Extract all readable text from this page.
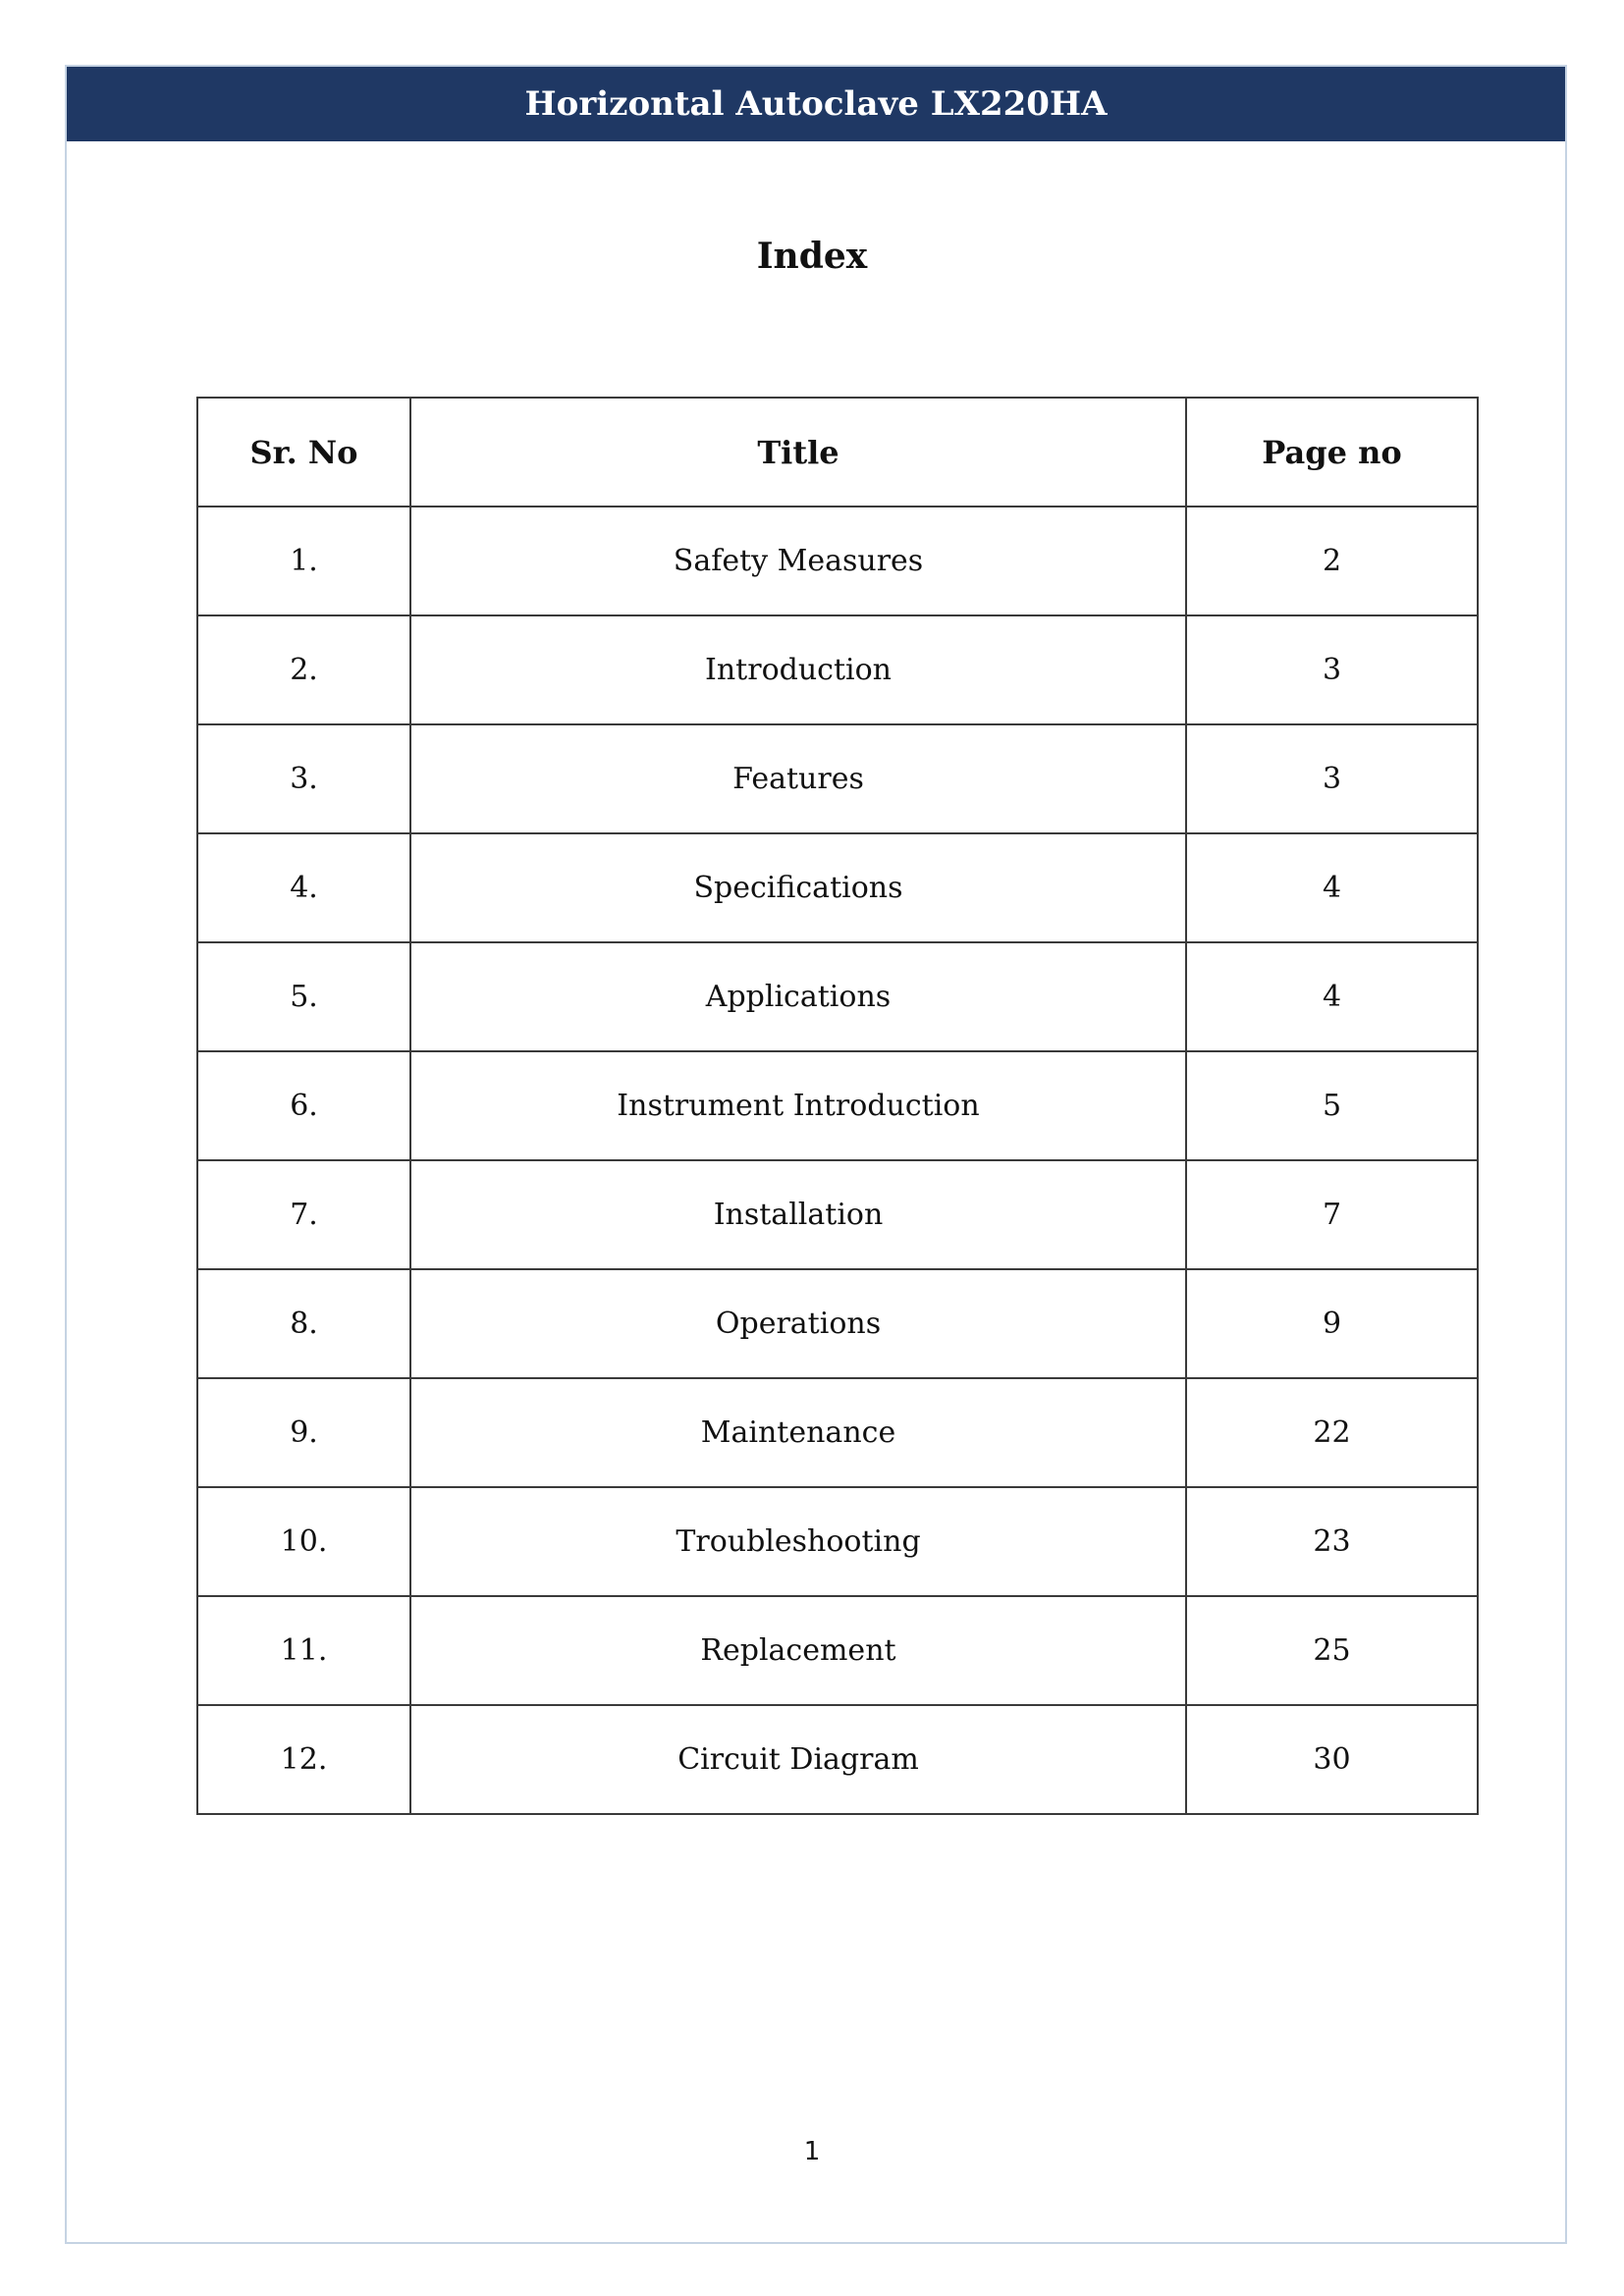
Horizontal Autoclave LX220HA
Index
Sr. No	Title	Page no
1.	Safety Measures	2
2.	Introduction	3
3.	Features	3
4.	Specifications	4
5.	Applications	4
6.	Instrument Introduction	5
7.	Installation	7
8.	Operations	9
9.	Maintenance	22
10.	Troubleshooting	23
11.	Replacement	25
12.	Circuit Diagram	30
1
